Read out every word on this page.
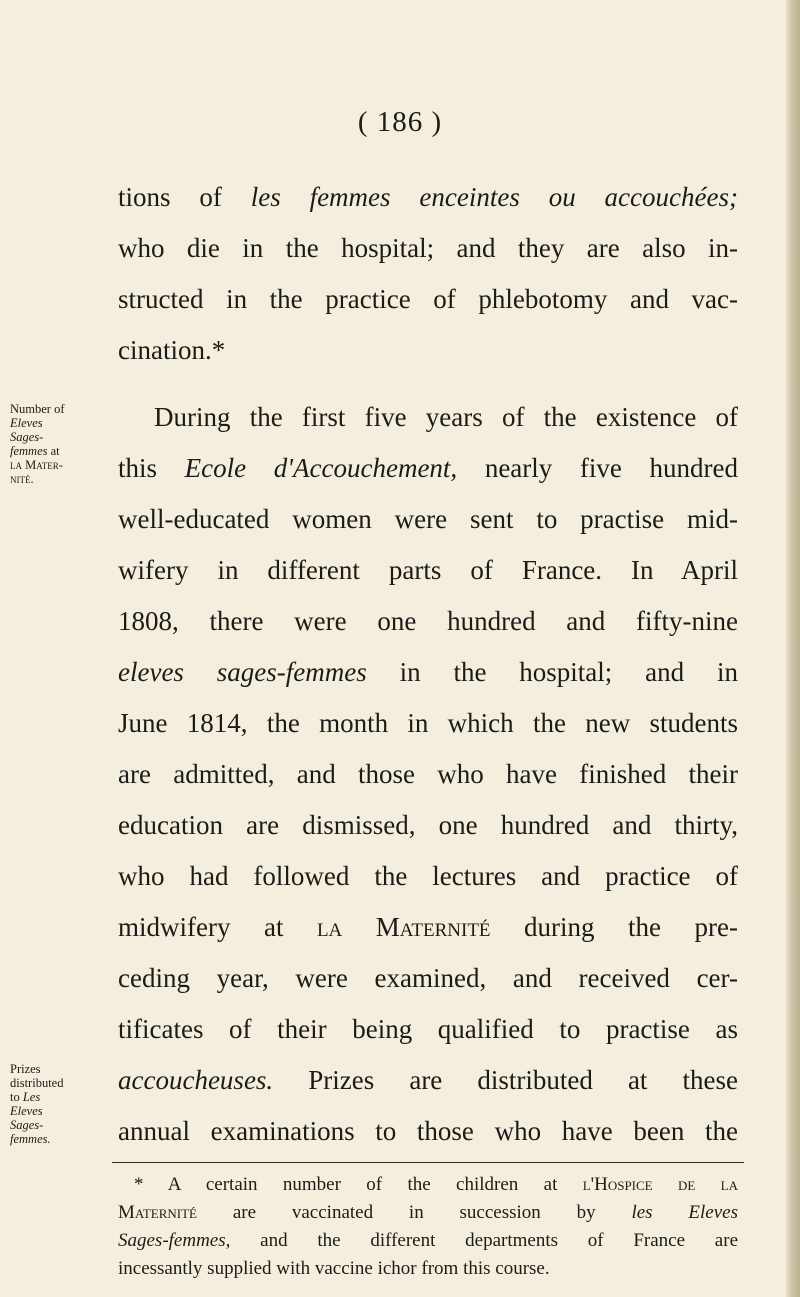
( 186 )
tions of les femmes enceintes ou accouchées;
who die in the hospital; and they are also in-
structed in the practice of phlebotomy and vac-
cination.*
Number of
Eleves
Sages-
femmes at
la Mater-
nité.
During the first five years of the existence of
this Ecole d'Accouchement, nearly five hundred
well-educated women were sent to practise mid-
wifery in different parts of France. In April
1808, there were one hundred and fifty-nine
eleves sages-femmes in the hospital; and in
June 1814, the month in which the new students
are admitted, and those who have finished their
education are dismissed, one hundred and thirty,
who had followed the lectures and practice of
midwifery at la Maternité during the pre-
ceding year, were examined, and received cer-
tificates of their being qualified to practise as
accoucheuses. Prizes are distributed at these
annual examinations to those who have been the
Prizes
distributed
to Les
Eleves
Sages-
femmes.
* A certain number of the children at l'Hospice de la
Maternité are vaccinated in succession by les Eleves
Sages-femmes, and the different departments of France are
incessantly supplied with vaccine ichor from this course.
